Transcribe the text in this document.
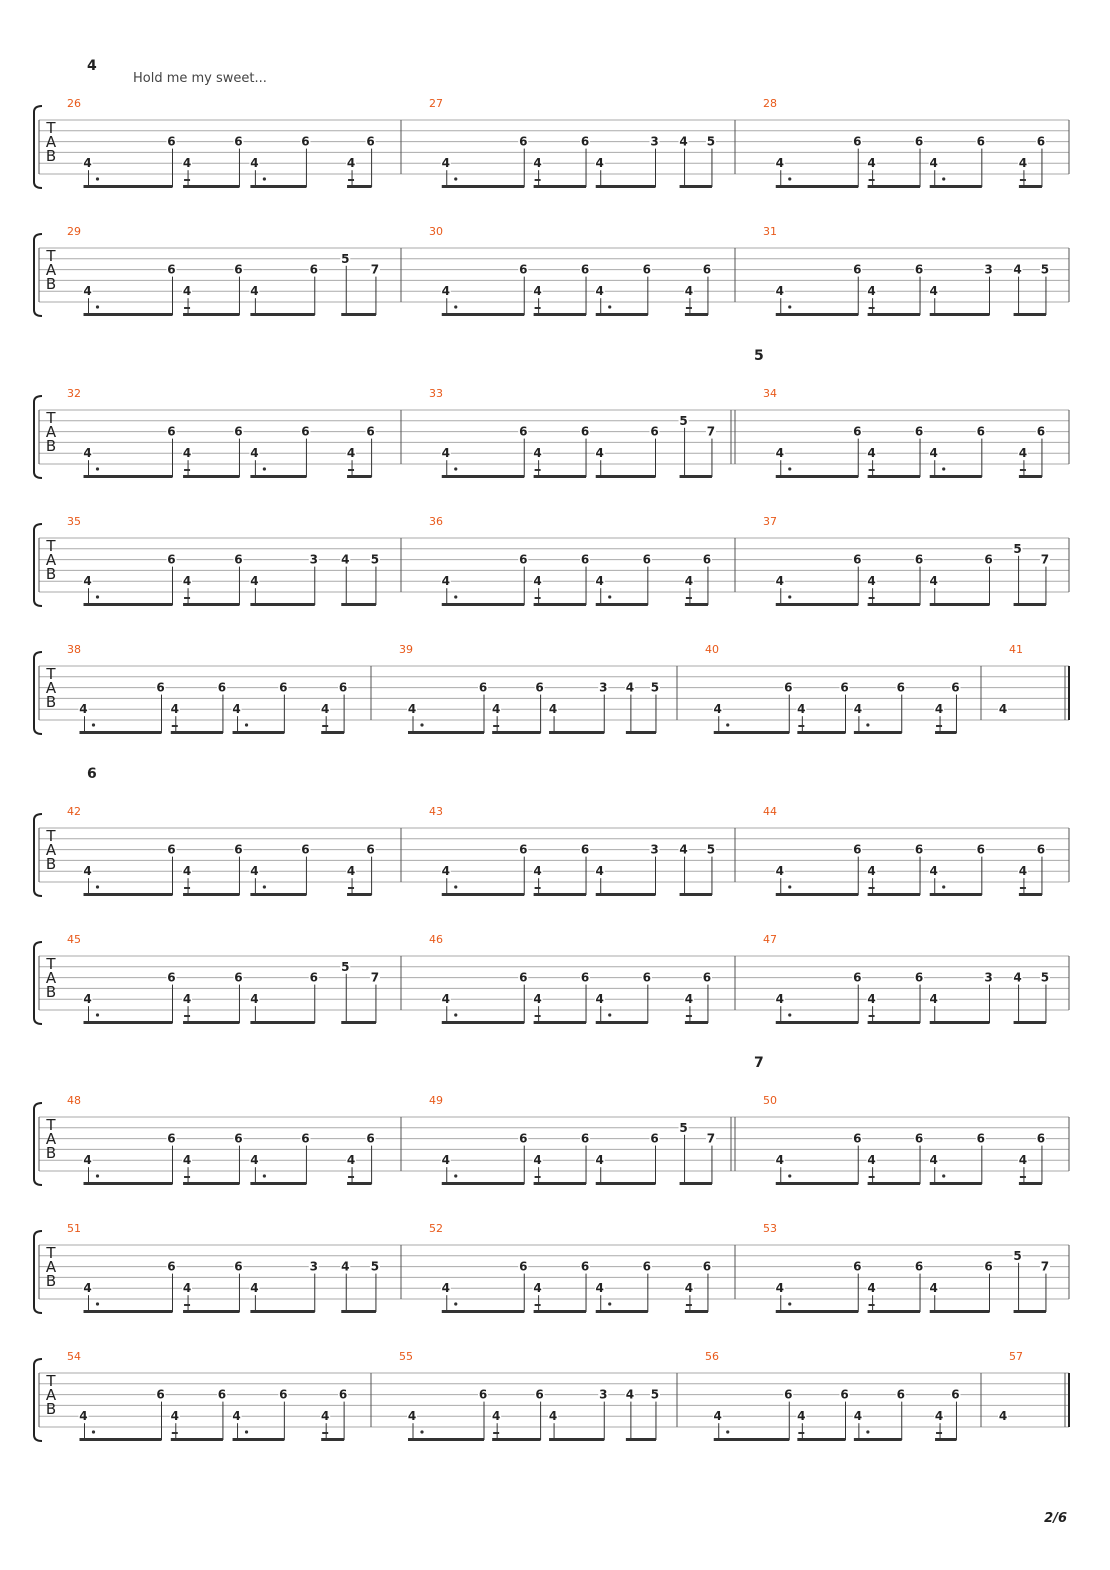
T
A
B
26
4
6
4
6
4
6
4
6
27
4
6
4
6
4
3 4 5
28
4
6
4
6
4
6
4
6
T
A
B
29
4
6
4
6
4
6
5
7
30
4
6
4
6
4
6
4
6
31
4
6
4
6
4
3 4 5
T
A
B
32
4
6
4
6
4
6
4
6
33
4
6
4
6
4
6
5
7
34
4
6
4
6
4
6
4
6
T
A
B
35
4
6
4
6
4
3 4 5
36
4
6
4
6
4
6
4
6
37
4
6
4
6
4
6
5
7
T
A
B
38
4
6
4
6
4
6
4
6
39
4
6
4
6
4
3 4 5
40
4
6
4
6
4
6
4
6
41
4
T
A
B
42
4
6
4
6
4
6
4
6
43
4
6
4
6
4
3 4 5
44
4
6
4
6
4
6
4
6
T
A
B
45
4
6
4
6
4
6
5
7
46
4
6
4
6
4
6
4
6
47
4
6
4
6
4
3 4 5
T
A
B
48
4
6
4
6
4
6
4
6
49
4
6
4
6
4
6
5
7
50
4
6
4
6
4
6
4
6
T
A
B
51
4
6
4
6
4
3 4 5
52
4
6
4
6
4
6
4
6
53
4
6
4
6
4
6
5
7
T
A
B
54
4
6
4
6
4
6
4
6
55
4
6
4
6
4
3 4 5
56
4
6
4
6
4
6
4
6
57
4
4
5
6
7
Hold me my sweet...
2/6
